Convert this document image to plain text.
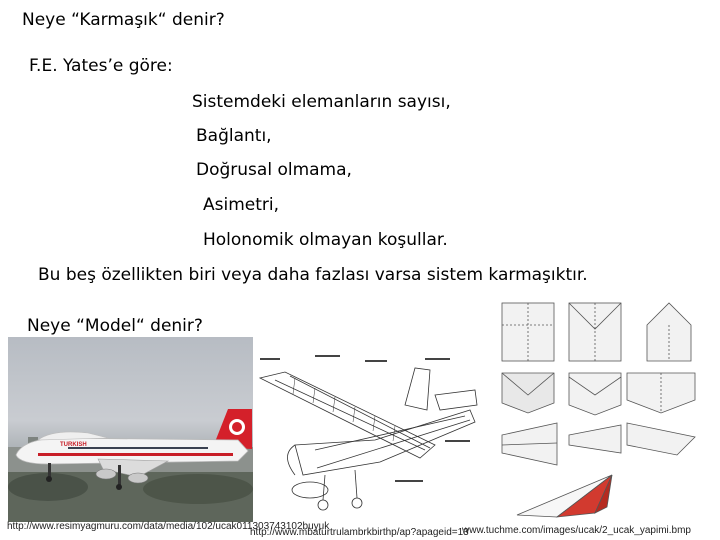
Neye “Karmaşık“ denir?
F.E. Yates’e göre:
Sistemdeki elemanların sayısı,
Bağlantı,
Doğrusal olmama,
Asimetri,
Holonomik olmayan koşullar.
Bu beş özellikten biri veya daha fazlası varsa sistem karmaşıktır.
Neye “Model“ denir?
TURKISH
http://www.resimyagmuru.com/data/media/102/ucak011303743102buyuk
http://www.mbaturtrulambrkbirthp/ap?apageid=13
www.tuchme.com/images/ucak/2_ucak_yapimi.bmp
